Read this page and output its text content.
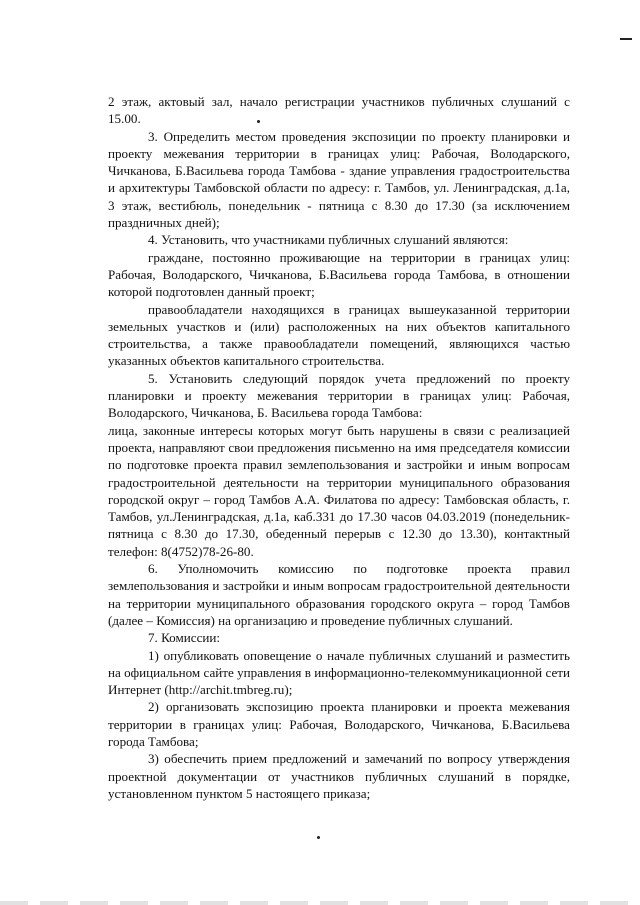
2 этаж, актовый зал, начало регистрации участников публичных слушаний с 15.00.

3. Определить местом проведения экспозиции по проекту планировки и проекту межевания территории в границах улиц: Рабочая, Володарского, Чичканова, Б.Васильева города Тамбова - здание управления градостроительства и архитектуры Тамбовской области по адресу: г. Тамбов, ул. Ленинградская, д.1а, 3 этаж, вестибюль, понедельник - пятница с 8.30 до 17.30 (за исключением праздничных дней);

4. Установить, что участниками публичных слушаний являются:

граждане, постоянно проживающие на территории в границах улиц: Рабочая, Володарского, Чичканова, Б.Васильева города Тамбова, в отношении которой подготовлен данный проект;

правообладатели находящихся в границах вышеуказанной территории земельных участков и (или) расположенных на них объектов капитального строительства, а также правообладатели помещений, являющихся частью указанных объектов капитального строительства.

5. Установить следующий порядок учета предложений по проекту планировки и проекту межевания территории в границах улиц: Рабочая, Володарского, Чичканова, Б. Васильева города Тамбова:

лица, законные интересы которых могут быть нарушены в связи с реализацией проекта, направляют свои предложения письменно на имя председателя комиссии по подготовке проекта правил землепользования и застройки и иным вопросам градостроительной деятельности на территории муниципального образования городской округ – город Тамбов А.А. Филатова по адресу: Тамбовская область, г. Тамбов, ул.Ленинградская, д.1а, каб.331 до 17.30 часов 04.03.2019 (понедельник-пятница с 8.30 до 17.30, обеденный перерыв с 12.30 до 13.30), контактный телефон: 8(4752)78-26-80.

6. Уполномочить комиссию по подготовке проекта правил землепользования и застройки и иным вопросам градостроительной деятельности на территории муниципального образования городского округа – город Тамбов (далее – Комиссия) на организацию и проведение публичных слушаний.

7. Комиссии:

1) опубликовать оповещение о начале публичных слушаний и разместить на официальном сайте управления в информационно-телекоммуникационной сети Интернет (http://archit.tmbreg.ru);

2) организовать экспозицию проекта планировки и проекта межевания территории в границах улиц: Рабочая, Володарского, Чичканова, Б.Васильева города Тамбова;

3) обеспечить прием предложений и замечаний по вопросу утверждения проектной документации от участников публичных слушаний в порядке, установленном пунктом 5 настоящего приказа;
